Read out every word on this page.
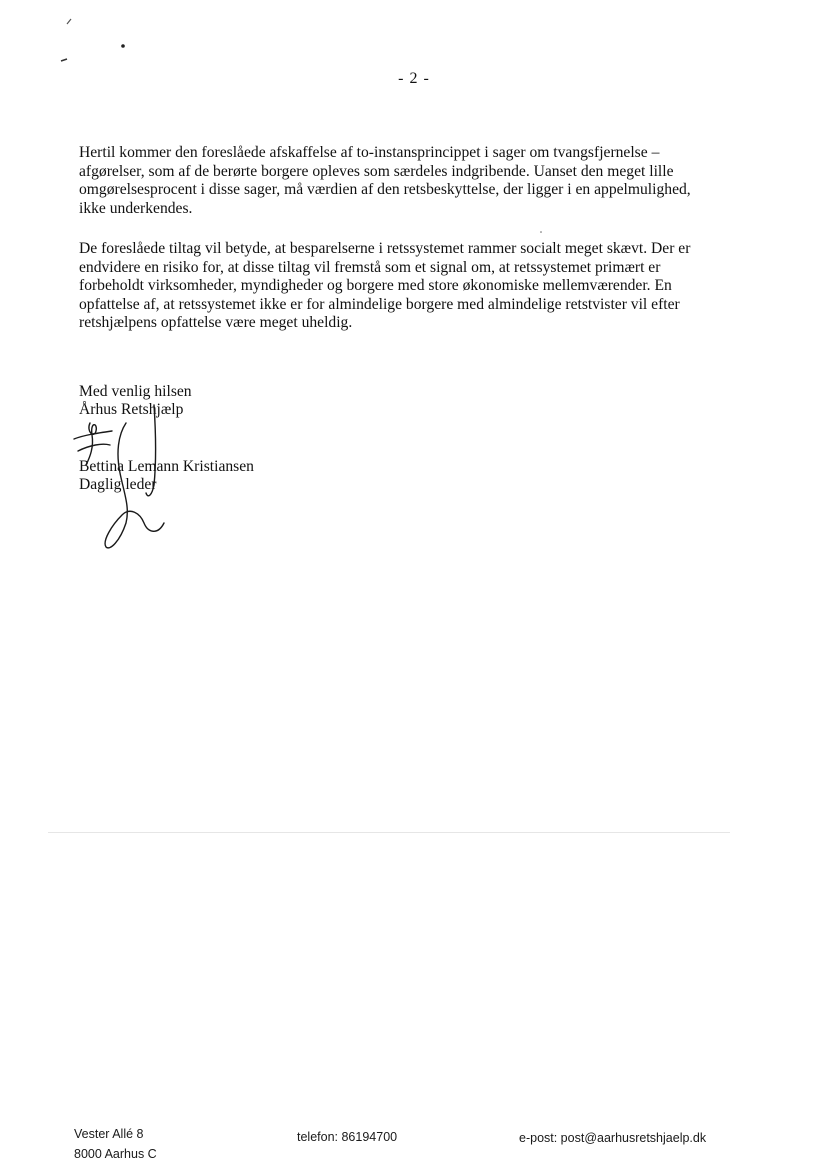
- 2 -
Hertil kommer den foreslåede afskaffelse af to-instansprincippet i sager om tvangsfjernelse –
afgørelser, som af de berørte borgere opleves som særdeles indgribende. Uanset den meget lille
omgørelsesprocent i disse sager, må værdien af den retsbeskyttelse, der ligger i en appelmulighed,
ikke underkendes.
De foreslåede tiltag vil betyde, at besparelserne i retssystemet rammer socialt meget skævt. Der er
endvidere en risiko for, at disse tiltag vil fremstå som et signal om, at retssystemet primært er
forbeholdt virksomheder, myndigheder og borgere med store økonomiske mellemværender. En
opfattelse af, at retssystemet ikke er for almindelige borgere med almindelige retstvister vil efter
retshjælpens opfattelse være meget uheldig.
Med venlig hilsen
Århus Retshjælp
Bettina Lemann Kristiansen
Daglig leder
Vester Allé 8
8000 Aarhus C
telefon: 86194700	e-post: post@aarhusretshjaelp.dk
